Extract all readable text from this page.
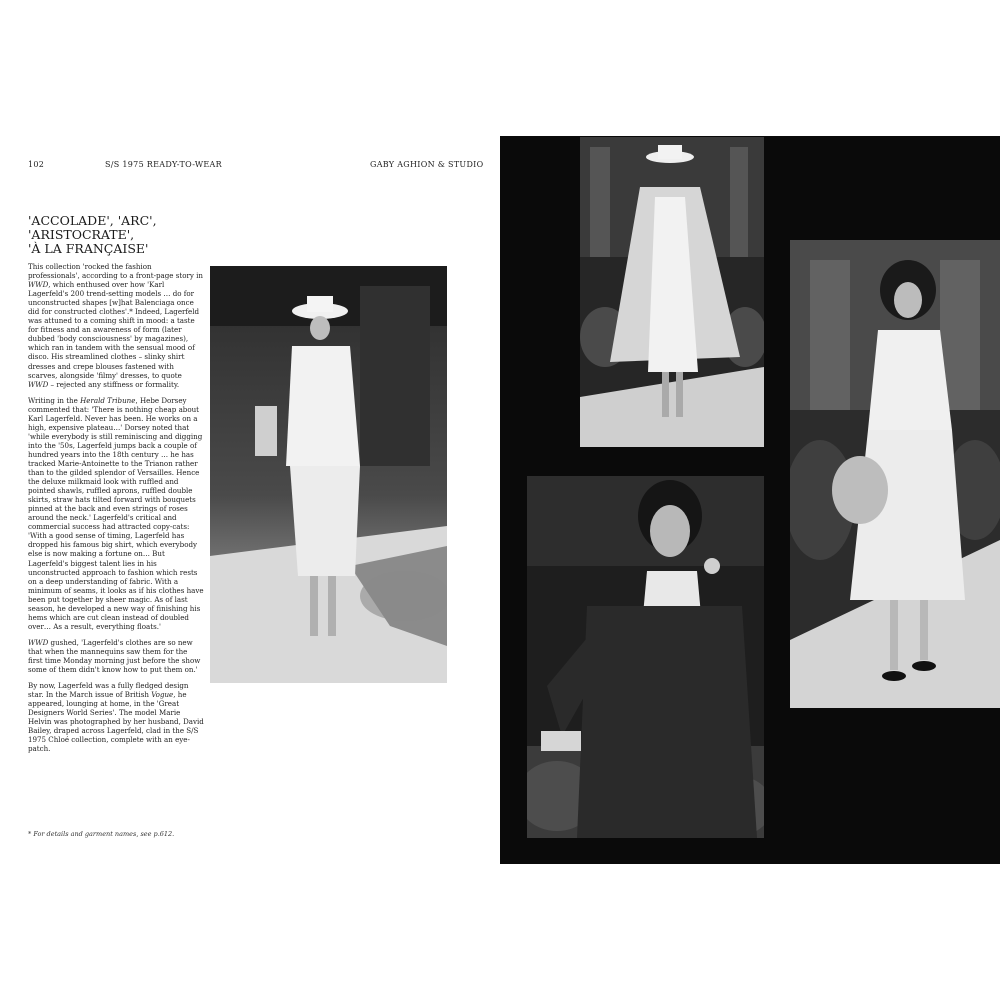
102	S/S 1975 READY-TO-WEAR	GABY AGHION & STUDIO
'ACCOLADE', 'ARC',
'ARISTOCRATE',
'À LA FRANÇAISE'

This collection 'rocked the fashion professionals', according to a front-page story in WWD, which enthused over how 'Karl Lagerfeld's 200 trend-setting models … do for unconstructed shapes [w]hat Balenciaga once did for constructed clothes'.* Indeed, Lagerfeld was attuned to a coming shift in mood: a taste for fitness and an awareness of form (later dubbed 'body consciousness' by magazines), which ran in tandem with the sensual mood of disco. His streamlined clothes – slinky shirt dresses and crepe blouses fastened with scarves, alongside 'filmy' dresses, to quote WWD – rejected any stiffness or formality.

Writing in the Herald Tribune, Hebe Dorsey commented that: 'There is nothing cheap about Karl Lagerfeld. Never has been. He works on a high, expensive plateau…' Dorsey noted that 'while everybody is still reminiscing and digging into the '50s, Lagerfeld jumps back a couple of hundred years into the 18th century … he has tracked Marie-Antoinette to the Trianon rather than to the gilded splendor of Versailles. Hence the deluxe milkmaid look with ruffled and pointed shawls, ruffled aprons, ruffled double skirts, straw hats tilted forward with bouquets pinned at the back and even strings of roses around the neck.' Lagerfeld's critical and commercial success had attracted copy-cats: 'With a good sense of timing, Lagerfeld has dropped his famous big shirt, which everybody else is now making a fortune on… But Lagerfeld's biggest talent lies in his unconstructed approach to fashion which rests on a deep understanding of fabric. With a minimum of seams, it looks as if his clothes have been put together by sheer magic. As of last season, he developed a new way of finishing his hems which are cut clean instead of doubled over… As a result, everything floats.'

WWD gushed, 'Lagerfeld's clothes are so new that when the mannequins saw them for the first time Monday morning just before the show some of them didn't know how to put them on.'

By now, Lagerfeld was a fully fledged design star. In the March issue of British Vogue, he appeared, lounging at home, in the 'Great Designers World Series'. The model Marie Helvin was photographed by her husband, David Bailey, draped across Lagerfeld, clad in the S/S 1975 Chloé collection, complete with an eye-patch.

* For details and garment names, see p.612.
